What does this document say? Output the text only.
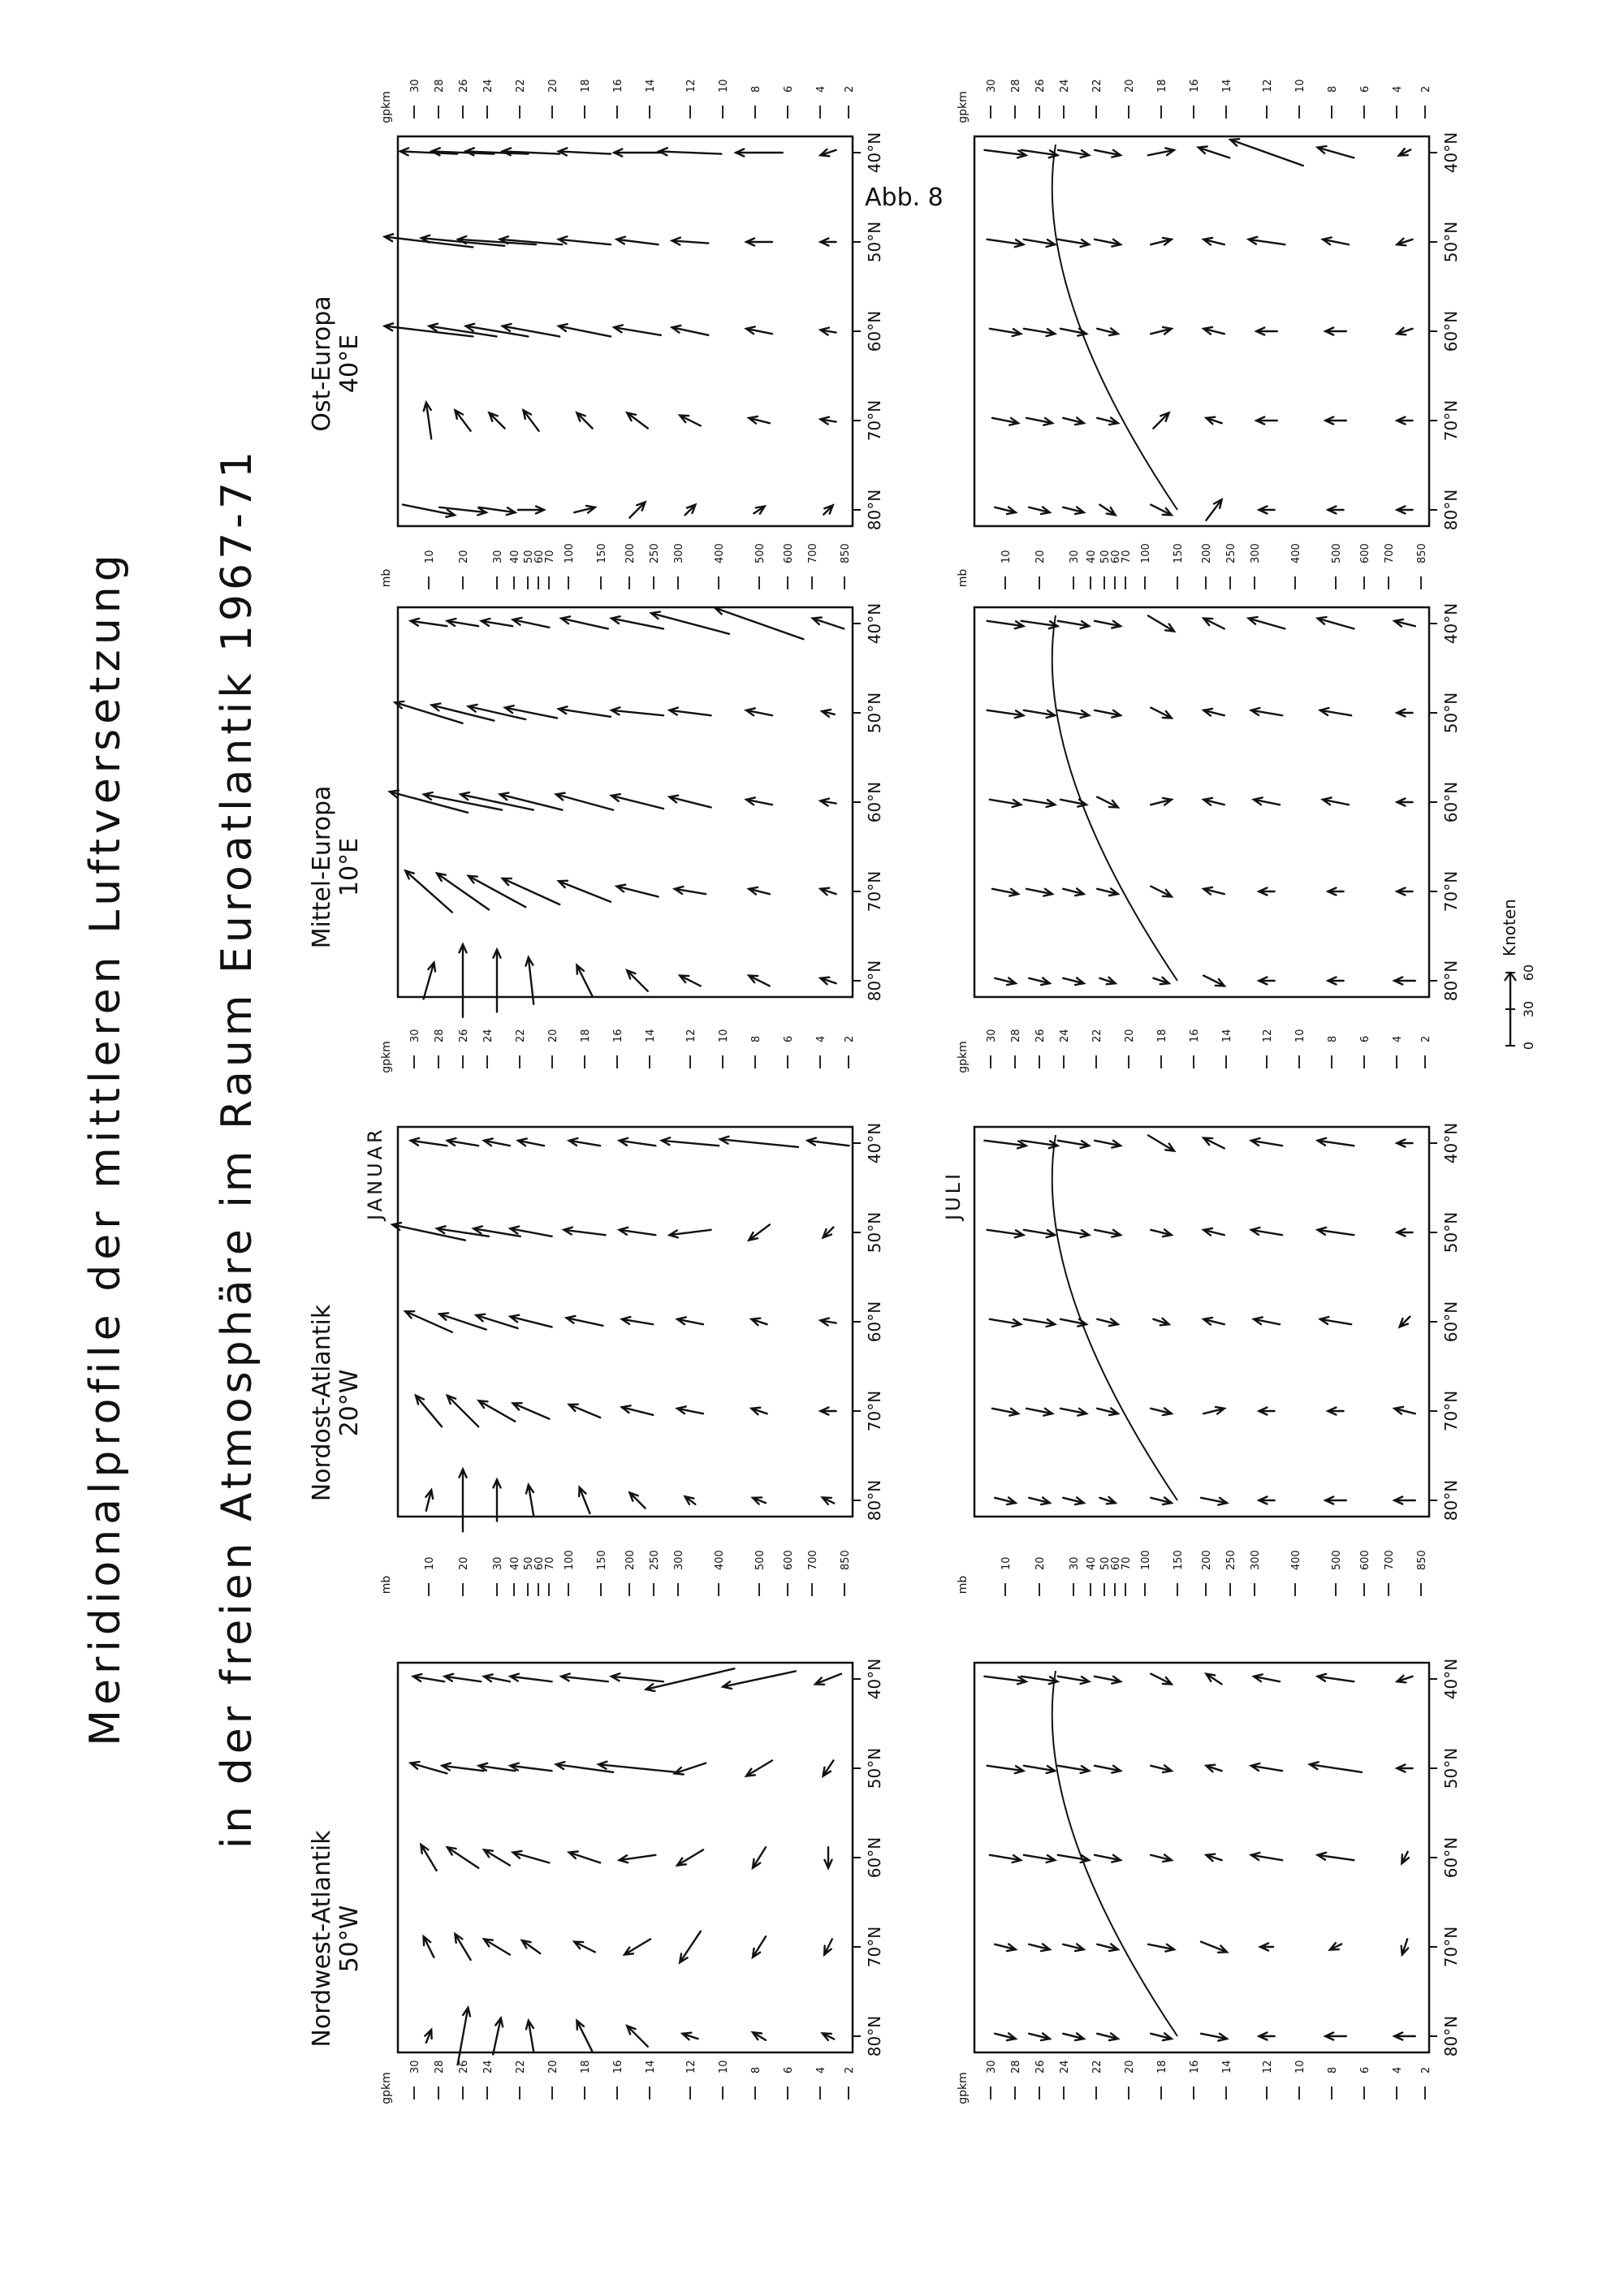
Abb. 8
Meridionalprofile der mittleren Luftversetzung in der freien Atmosphäre im Raum Euroatlantik 1967-71
Nordwest-Atlantik 50°W
Nordost-Atlantik 20°W
Mittel-Europa 10°E
Ost-Europa 40°E
JANUAR	JULI
80°N
70°N
60°N
50°N
40°N
80°N
70°N
60°N
50°N
40°N
80°N
70°N
60°N
50°N
40°N
80°N
70°N
60°N
50°N
40°N
80°N
70°N
60°N
50°N
40°N
80°N
70°N
60°N
50°N
40°N
80°N
70°N
60°N
50°N
40°N
80°N
70°N
60°N
50°N
40°N
gpkm
30 28 26 24 22 20 18 16 14	12 10 8 6 4 2
mb
10 20 30 40 50
60
70 100 150 200 250 300	400	500 600 700 850
gpkm
30 28 26 24 22 20 18 16 14	12 10 8 6 4 2
mb
10 20 30 40 50
60
70 100 150 200 250 300	400	500 600 700 850
gpkm
30 28 26 24 22 20 18 16 14	12 10 8 6 4 2
gpkm
30 28 26 24 22 20 18 16 14	12 10 8 6 4 2
mb
10 20 30 40 50
60
70 100 150 200 250 300	400	500 600 700 850
gpkm
30 28 26 24 22 20 18 16 14	12 10 8 6 4 2
mb
10 20 30 40 50
60
70 100 150 200 250 300	400	500 600 700 850
gpkm
30 28 26 24 22 20 18 16 14	12 10 8 6 4 2
0
30
60
Knoten
